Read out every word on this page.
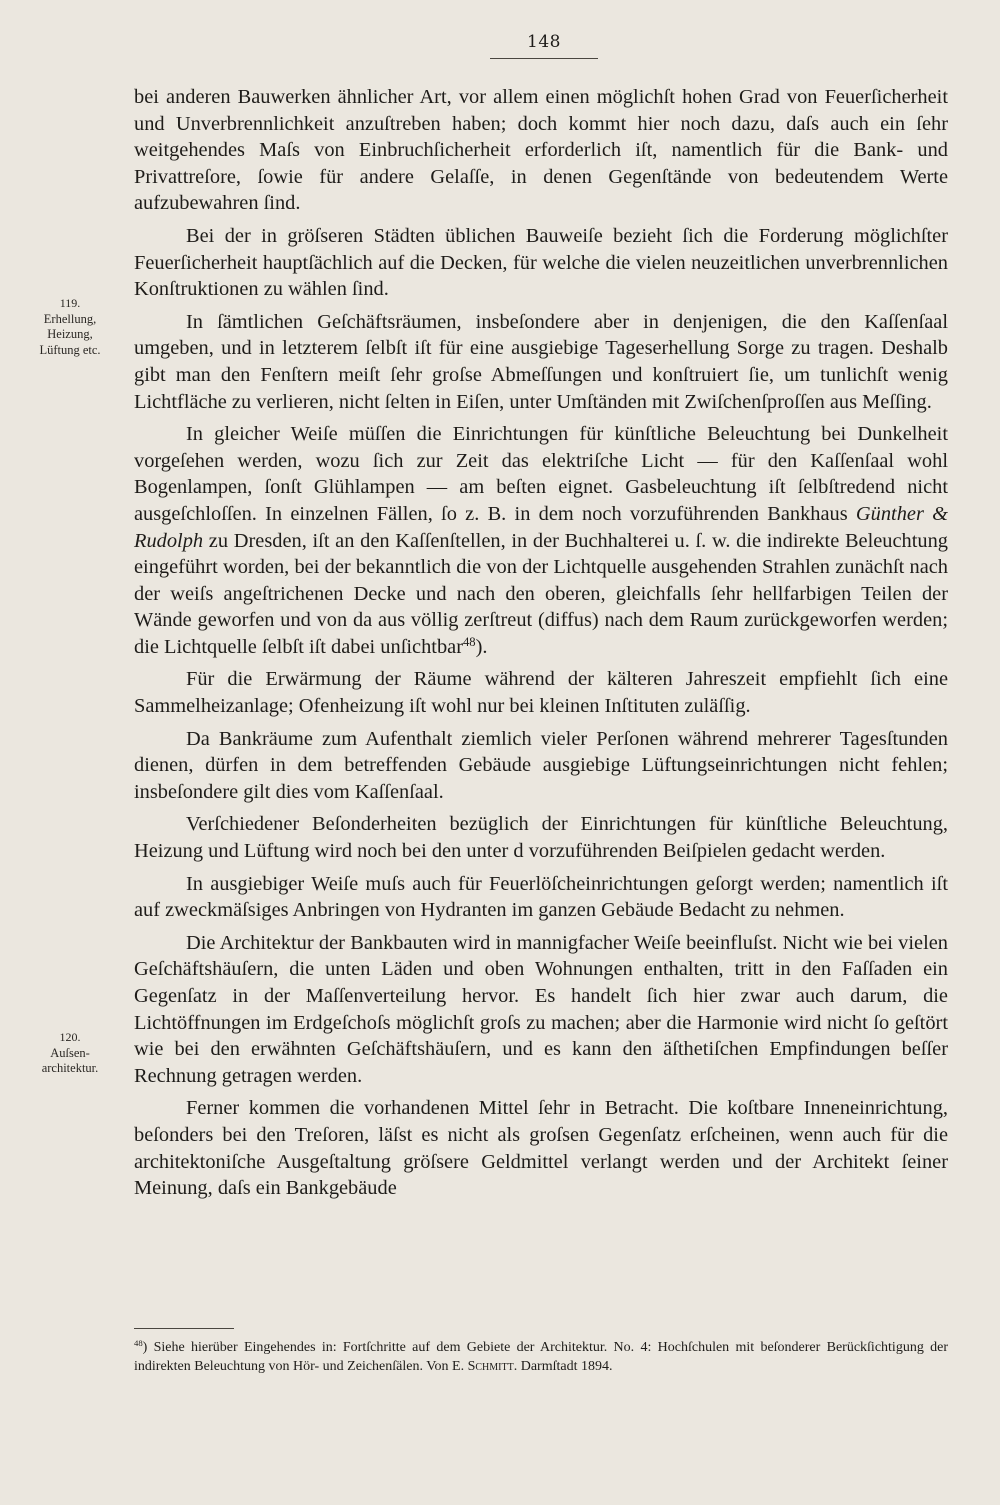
148
119.
Erhellung,
Heizung,
Lüftung etc.
120.
Auſsen-
architektur.

bei anderen Bauwerken ähnlicher Art, vor allem einen möglichſt hohen Grad von Feuerſicherheit und Unverbrennlichkeit anzuſtreben haben; doch kommt hier noch dazu, daſs auch ein ſehr weitgehendes Maſs von Einbruchſicherheit erforderlich iſt, namentlich für die Bank- und Privattreſore, ſowie für andere Gelaſſe, in denen Gegenſtände von bedeutendem Werte aufzubewahren ſind.

Bei der in gröſseren Städten üblichen Bauweiſe bezieht ſich die Forderung möglichſter Feuerſicherheit hauptſächlich auf die Decken, für welche die vielen neuzeitlichen unverbrennlichen Konſtruktionen zu wählen ſind.

In ſämtlichen Geſchäftsräumen, insbeſondere aber in denjenigen, die den Kaſſenſaal umgeben, und in letzterem ſelbſt iſt für eine ausgiebige Tageserhellung Sorge zu tragen. Deshalb gibt man den Fenſtern meiſt ſehr groſse Abmeſſungen und konſtruiert ſie, um tunlichſt wenig Lichtfläche zu verlieren, nicht ſelten in Eiſen, unter Umſtänden mit Zwiſchenſproſſen aus Meſſing.

In gleicher Weiſe müſſen die Einrichtungen für künſtliche Beleuchtung bei Dunkelheit vorgeſehen werden, wozu ſich zur Zeit das elektriſche Licht — für den Kaſſenſaal wohl Bogenlampen, ſonſt Glühlampen — am beſten eignet. Gasbeleuchtung iſt ſelbſtredend nicht ausgeſchloſſen. In einzelnen Fällen, ſo z. B. in dem noch vorzuführenden Bankhaus Günther & Rudolph zu Dresden, iſt an den Kaſſenſtellen, in der Buchhalterei u. ſ. w. die indirekte Beleuchtung eingeführt worden, bei der bekanntlich die von der Lichtquelle ausgehenden Strahlen zunächſt nach der weiſs angeſtrichenen Decke und nach den oberen, gleichfalls ſehr hellfarbigen Teilen der Wände geworfen und von da aus völlig zerſtreut (diffus) nach dem Raum zurückgeworfen werden; die Lichtquelle ſelbſt iſt dabei unſichtbar$^{48}$).

Für die Erwärmung der Räume während der kälteren Jahreszeit empfiehlt ſich eine Sammelheizanlage; Ofenheizung iſt wohl nur bei kleinen Inſtituten zuläſſig.

Da Bankräume zum Aufenthalt ziemlich vieler Perſonen während mehrerer Tagesſtunden dienen, dürfen in dem betreffenden Gebäude ausgiebige Lüftungseinrichtungen nicht fehlen; insbeſondere gilt dies vom Kaſſenſaal.

Verſchiedener Beſonderheiten bezüglich der Einrichtungen für künſtliche Beleuchtung, Heizung und Lüftung wird noch bei den unter d vorzuführenden Beiſpielen gedacht werden.

In ausgiebiger Weiſe muſs auch für Feuerlöſcheinrichtungen geſorgt werden; namentlich iſt auf zweckmäſsiges Anbringen von Hydranten im ganzen Gebäude Bedacht zu nehmen.

Die Architektur der Bankbauten wird in mannigfacher Weiſe beeinfluſst. Nicht wie bei vielen Geſchäftshäuſern, die unten Läden und oben Wohnungen enthalten, tritt in den Faſſaden ein Gegenſatz in der Maſſenverteilung hervor. Es handelt ſich hier zwar auch darum, die Lichtöffnungen im Erdgeſchoſs möglichſt groſs zu machen; aber die Harmonie wird nicht ſo geſtört wie bei den erwähnten Geſchäftshäuſern, und es kann den äſthetiſchen Empfindungen beſſer Rechnung getragen werden.

Ferner kommen die vorhandenen Mittel ſehr in Betracht. Die koſtbare Inneneinrichtung, beſonders bei den Treſoren, läſst es nicht als groſsen Gegenſatz erſcheinen, wenn auch für die architektoniſche Ausgeſtaltung gröſsere Geldmittel verlangt werden und der Architekt ſeiner Meinung, daſs ein Bankgebäude

$^{48}$) Siehe hierüber Eingehendes in: Fortſchritte auf dem Gebiete der Architektur. No. 4: Hochſchulen mit beſonderer Berückſichtigung der indirekten Beleuchtung von Hör- und Zeichenſälen. Von E. Schmitt. Darmſtadt 1894.
